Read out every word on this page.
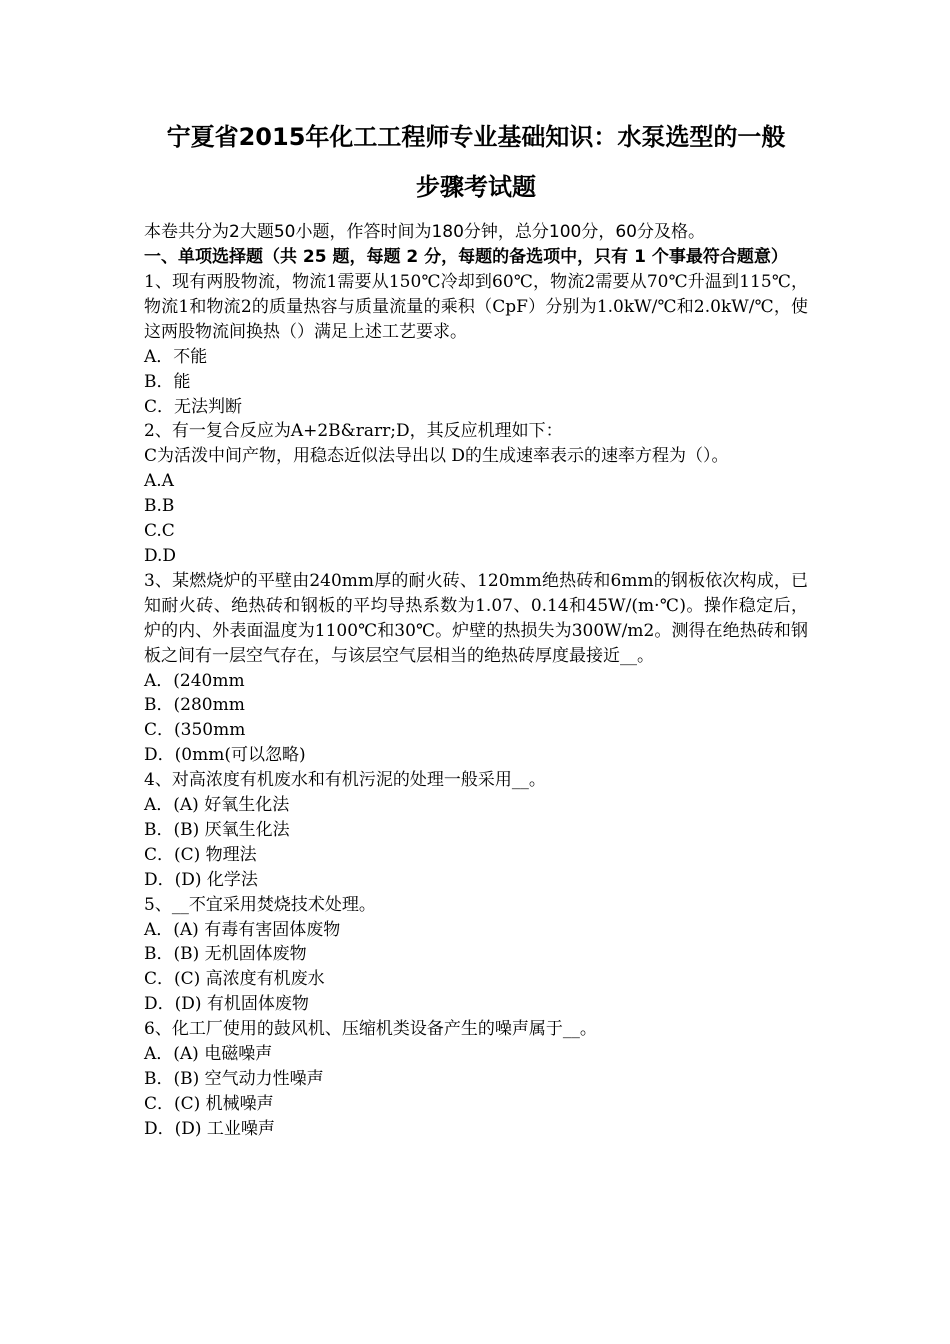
宁夏省2015年化工工程师专业基础知识：水泵选型的一般
步骤考试题

本卷共分为2大题50小题，作答时间为180分钟，总分100分，60分及格。

一、单项选择题（共 25 题，每题 2 分，每题的备选项中，只有 1 个事最符合题意）

1、现有两股物流，物流1需要从150℃冷却到60℃，物流2需要从70℃升温到115℃，物流1和物流2的质量热容与质量流量的乘积（CpF）分别为1.0kW/℃和2.0kW/℃，使这两股物流间换热（）满足上述工艺要求。

A．不能

B．能

C．无法判断

2、有一复合反应为A+2B&rarr;D，其反应机理如下：

C为活泼中间产物，用稳态近似法导出以 D的生成速率表示的速率方程为（）。

A.A

B.B

C.C

D.D

3、某燃烧炉的平壁由240mm厚的耐火砖、120mm绝热砖和6mm的钢板依次构成，已知耐火砖、绝热砖和钢板的平均导热系数为1.07、0.14和45W/(m·℃)。操作稳定后，炉的内、外表面温度为1100℃和30℃。炉壁的热损失为300W/m2。测得在绝热砖和钢板之间有一层空气存在，与该层空气层相当的绝热砖厚度最接近__。

A．(240mm

B．(280mm

C．(350mm

D．(0mm(可以忽略)

4、对高浓度有机废水和有机污泥的处理一般采用__。

A．(A) 好氧生化法

B．(B) 厌氧生化法

C．(C) 物理法

D．(D) 化学法

5、__不宜采用焚烧技术处理。

A．(A) 有毒有害固体废物

B．(B) 无机固体废物

C．(C) 高浓度有机废水

D．(D) 有机固体废物

6、化工厂使用的鼓风机、压缩机类设备产生的噪声属于__。

A．(A) 电磁噪声

B．(B) 空气动力性噪声

C．(C) 机械噪声

D．(D) 工业噪声
